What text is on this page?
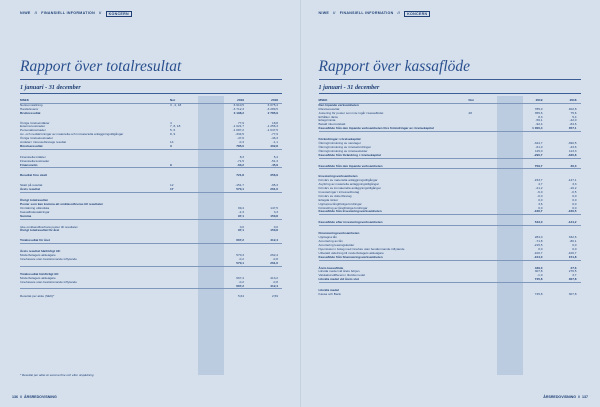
NIWE // FINANSIELL INFORMATION //	KONCERN
Rapport över totalresultat
1 januari - 31 december
MSEK	Not	2019	2018
Nettoomsättning	3 , 4, 18	6 910,5	6 075,4
Handelsvaror	-3 712,3	-3 289,5
Bruttoresultat	3 198,2	2 785,9
Övriga rörelseintäkter	4	77,9	18,8
Externa kostnader	7, 8, 18	-1 021,7	-1 256,3
Personalkostnader	5, 6	-1 087,2	-1 047,5
Av- och nedskrivningar av materiella och immateriella anläggningstillgångar	8, 9	-334,5	-77,9
Övriga rörelsekostnader	-47,6	-46,3
Andelar i intresseföretags resultat	14	-0,3	-1,1
Rörelseresultat	3	785,0	402,8
Finansiella intäkter	8,3	5,4
Finansiella kostnader	-71,5	-51,3
Finansnetto	9	-63,2	-45,9
Resultat före skatt	721,8	356,9
Skatt på resultat	12	-151,7	-95,3
Årets resultat	17	570,1	261,6
Övrigt totalresultat
Poster som kan komma att omklassificeras till resultatet
Omräkning utländska	99,4	147,5
Kassaflödessäkringar	-2,3	3,3
Summa	97,1	150,8
Icke omklassificerbara poster till resultatet	0,0	0,0
Övrigt totalresultat för året	97,1	150,8
Totalresultat för året	667,2	412,4
Årets resultat hänförligt till:
Moderbolagets aktieägare	570,3	262,4
Innehavare utan bestämmande inflytande	-0,2	-0,8
570,1	261,6
Totalresultat hänförligt till:
Moderbolagets aktieägare	667,4	413,2
Innehavare utan bestämmande inflytande	-0,2	-0,8
667,2	412,4
Resultat per aktie (SEK)*	5,64	2,59
* Resultat per aktie är samma före och efter utspädning
136  //  ÅRSREDOVISNING
NIWE // FINANSIELL INFORMATION //	KONCERN
Rapport över kassaflöde
1 januari - 31 december
MSEK	Not	2019	2018
Den löpande verksamheten
Rörelseresultat	785,0	402,8
Justering för poster som inte ingår i kassaflödet	28	355,6	75,6
Erhållen ränta	8,3	5,4
Erlagd ränta	-56,1	-42,0
Betald inkomstskatt	-92,4	-84,6
Kassaflöde från den löpande verksamheten före förändringar av rörelsekapital	1 000,4	357,1
Förändringar i rörelsekapital
Ökning/minskning av varulager	-344,7	-390,5
Ökning/minskning av rörelsefordringar	-61,0	-43,6
Ökning/minskning av rörelseskulder	115,0	113,3
Kassaflöde från förändring i rörelsekapital	-290,7	-320,8
Kassaflöde från den löpande verksamheten	709,7	36,3
Investeringsverksamheten
Förvärv av materiella anläggningstillgångar	-153,7	-147,1
Avyttring av materiella anläggningstillgångar	4,7	3,3
Förvärv av immateriella anläggningstillgångar	-21,2	-16,2
Investeringar i intresseföretag	-6,0	-0,5
Förvärv av dotterföretag	-0,0	0,0
Erlagda räntor	0,0	0,0
Upplupna långfristiga fordringar	3,6	0,0
Förändring av långfristiga fordringar	0,0	0,0
Kassaflöde från investeringsverksamheten	-166,7	-160,5
Kassaflöde efter investeringsverksamheten	543,0	-124,2
Finansieringsverksamheten
Upptagna lån	284,0	332,6
Amortering av lån	-71,8	-80,1
Amortering leasingskulder	-215,5	0,0
Nyemission i bolag med innehav utan bestämmande inflytande	0,0	0,0
Utbetald utdelning till moderbolagets aktieägare	-100,7	-100,7
Kassaflöde från finansieringsverksamheten	-104,0	151,8
Årets kassaflöde	439,0	27,6
Likvida medel vid årets början	307,8	276,5
Valutakursdifferens i likvida medel	-1,0	3,7
Likvida medel vid årets slut	745,8	307,8
Likvida medel
Kassa och Bank	745,8	307,8
ÅRSREDOVISNING  //  137
